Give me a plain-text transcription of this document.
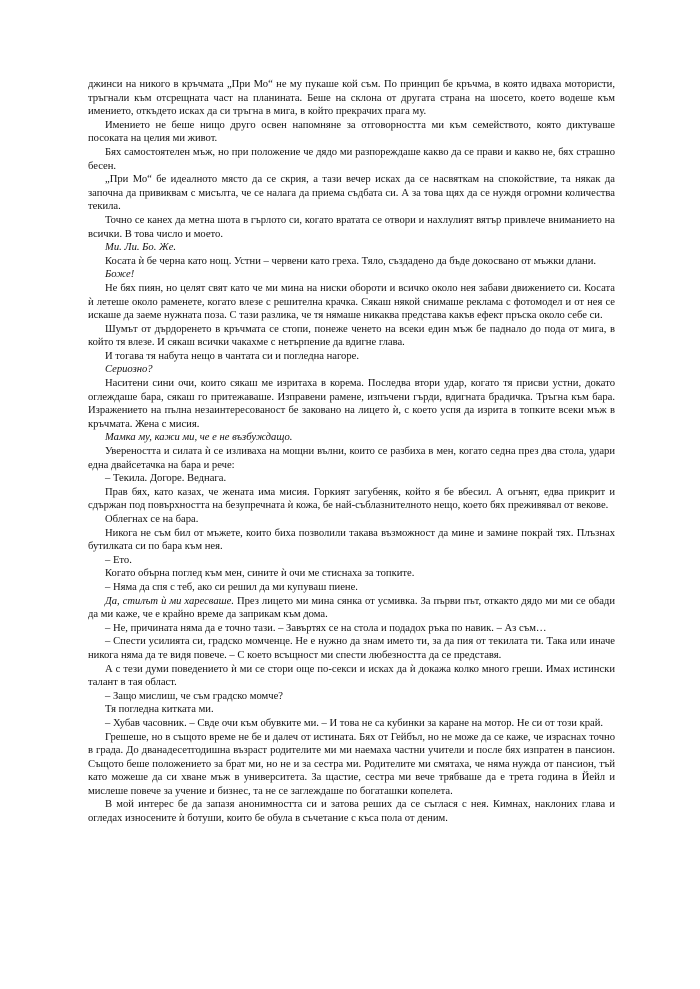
джинси на никого в кръчмата „При Мо“ не му пукаше кой съм. По принцип бе кръчма, в която идваха мотористи, тръгнали към отсрещната част на планината. Беше на склона от другата страна на шосето, което водеше към имението, откъдето исках да си тръгна в мига, в който прекрачих прага му.

Имението не беше нищо друго освен напомняне за отговорността ми към семейството, която диктуваше посоката на целия ми живот.

Бях самостоятелен мъж, но при положение че дядо ми разпореждаше какво да се прави и какво не, бях страшно бесен.

„При Мо“ бе идеалното място да се скрия, а тази вечер исках да се насвяткам на спокойствие, та някак да започна да привиквам с мисълта, че се налага да приема съдбата си. А за това щях да се нуждя огромни количества текила.

Точно се канех да метна шота в гърлото си, когато вратата се отвори и нахлулият вятър привлече вниманието на всички. В това число и моето.

Ми. Ли. Бо. Же.

Косата ѝ бе черна като нощ. Устни – червени като греха. Тяло, създадено да бъде докосвано от мъжки длани.

Боже!

Не бях пиян, но целят свят като че ми мина на ниски обороти и всичко около нея забави движението си. Косата ѝ летеше около раменете, когато влезе с решителна крачка. Сякаш някой снимаше реклама с фотомодел и от нея се искаше да заеме нужната поза. С тази разлика, че тя нямаше никаква представа какъв ефект пръска около себе си.

Шумът от дърдоренето в кръчмата се стопи, понеже ченето на всеки един мъж бе паднало до пода от мига, в който тя влезе. И сякаш всички чакахме с нетърпение да вдигне глава.

И тогава тя набута нещо в чантата си и погледна нагоре.

Сериозно?

Наситени сини очи, които сякаш ме изритаха в корема. Последва втори удар, когато тя присви устни, докато оглеждаше бара, сякаш го притежаваше. Изправени рамене, изпъчени гърди, вдигната брадичка. Тръгна към бара. Изражението на пълна незаинтересованост бе заковано на лицето ѝ, с което успя да изрита в топките всеки мъж в кръчмата. Жена с мисия.

Мамка му, кажи ми, че е не възбуждащо.

Увереността и силата ѝ се изливаха на мощни вълни, които се разбиха в мен, когато седна през два стола, удари една двайсетачка на бара и рече:

– Текила. Догоре. Веднага.

Прав бях, като казах, че жената има мисия. Горкият загубеняк, който я бе вбесил. А огънят, едва прикрит и сдържан под повърхността на безупречната ѝ кожа, бе най-съблазнителното нещо, което бях преживявал от векове.

Облегнах се на бара.

Никога не съм бил от мъжете, които биха позволили такава възможност да мине и замине покрай тях. Плъзнах бутилката си по бара към нея.

– Ето.

Когато обърна поглед към мен, сините ѝ очи ме стиснаха за топките.

– Няма да спя с теб, ако си решил да ми купуваш пиене.

Да, стилът ѝ ми харесваше. През лицето ми мина сянка от усмивка. За първи път, откакто дядо ми ми се обади да ми каже, че е крайно време да заприкам към дома.

– Не, причината няма да е точно тази. – Завъртях се на стола и подадох ръка по навик. – Аз съм…

– Спести усилията си, градско момченце. Не е нужно да знам името ти, за да пия от текилата ти. Така или иначе никога няма да те видя повече. – С което всъщност ми спести любезността да се представя.

А с тези думи поведението ѝ ми се стори още по-секси и исках да ѝ докажа колко много греши. Имах истински талант в тая област.

– Защо мислиш, че съм градско момче?

Тя погледна китката ми.

– Хубав часовник. – Свде очи към обувките ми. – И това не са кубинки за каране на мотор. Не си от този край.

Грешеше, но в същото време не бе и далеч от истината. Бях от Гейбъл, но не може да се каже, че израснах точно в града. До дванадесетгодишна възраст родителите ми ми наемаха частни учители и после бях изпратен в пансион. Същото беше положението за брат ми, но не и за сестра ми. Родителите ми смятаха, че няма нужда от пансион, тъй като можеше да си хване мъж в университета. За щастие, сестра ми вече трябваше да е трета година в Йейл и мислеше повече за учение и бизнес, та не се заглеждаше по богаташки копелета.

В мой интерес бе да запазя анонимността си и затова реших да се съглася с нея. Кимнах, наклоних глава и огледах износените ѝ ботуши, които бе обула в съчетание с къса пола от деним.
